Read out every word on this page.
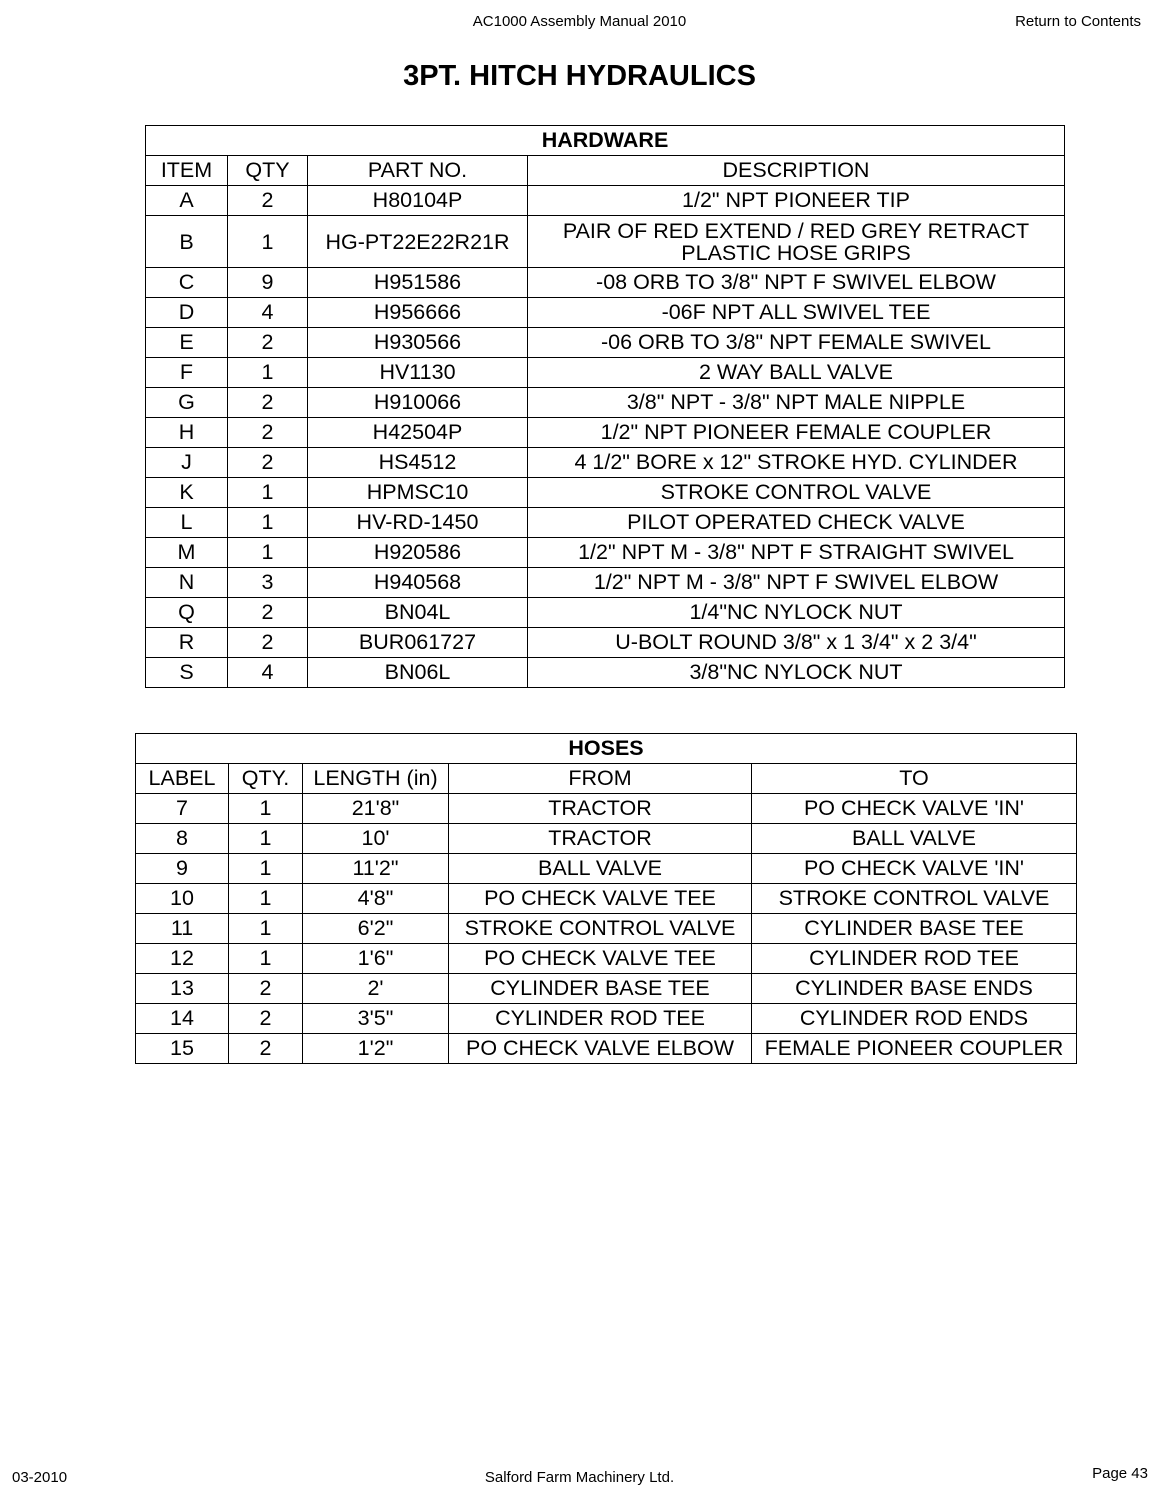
AC1000 Assembly Manual 2010	Return to Contents
3PT. HITCH HYDRAULICS
HARDWARE			
ITEM	QTY	PART NO.	DESCRIPTION
A	2	H80104P	1/2" NPT PIONEER TIP
B	1	HG-PT22E22R21R	PAIR OF RED EXTEND / RED GREY RETRACT
PLASTIC HOSE GRIPS
C	9	H951586	-08 ORB TO 3/8" NPT F SWIVEL ELBOW
D	4	H956666	-06F NPT ALL SWIVEL TEE
E	2	H930566	-06 ORB TO 3/8" NPT FEMALE SWIVEL
F	1	HV1130	2 WAY BALL VALVE
G	2	H910066	3/8" NPT - 3/8" NPT MALE NIPPLE
H	2	H42504P	1/2" NPT PIONEER FEMALE COUPLER
J	2	HS4512	4 1/2" BORE x 12" STROKE HYD. CYLINDER
K	1	HPMSC10	STROKE CONTROL VALVE
L	1	HV-RD-1450	PILOT OPERATED CHECK VALVE
M	1	H920586	1/2" NPT M - 3/8" NPT F STRAIGHT SWIVEL
N	3	H940568	1/2" NPT M - 3/8" NPT F SWIVEL ELBOW
Q	2	BN04L	1/4"NC NYLOCK NUT
R	2	BUR061727	U-BOLT ROUND 3/8" x 1 3/4" x 2 3/4"
S	4	BN06L	3/8"NC NYLOCK NUT
HOSES				
LABEL	QTY.	LENGTH (in)	FROM	TO
7	1	21'8"	TRACTOR	PO CHECK VALVE 'IN'
8	1	10'	TRACTOR	BALL VALVE
9	1	11'2"	BALL VALVE	PO CHECK VALVE 'IN'
10	1	4'8"	PO CHECK VALVE TEE	STROKE CONTROL VALVE
11	1	6'2"	STROKE CONTROL VALVE	CYLINDER BASE TEE
12	1	1'6"	PO CHECK VALVE TEE	CYLINDER ROD TEE
13	2	2'	CYLINDER BASE TEE	CYLINDER BASE ENDS
14	2	3'5"	CYLINDER ROD TEE	CYLINDER ROD ENDS
15	2	1'2"	PO CHECK VALVE ELBOW	FEMALE PIONEER COUPLER
03-2010	Salford Farm Machinery Ltd.	Page 43
